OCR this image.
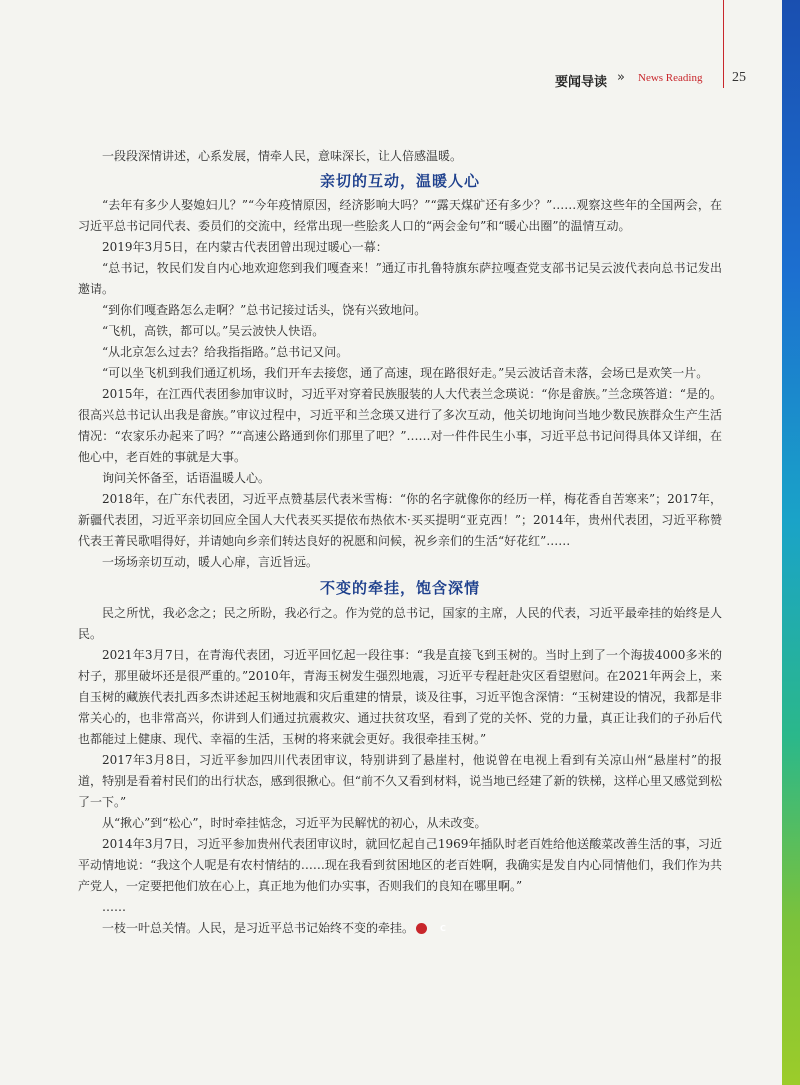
要闻导读 » News Reading 25

一段段深情讲述，心系发展，情牵人民，意味深长，让人倍感温暖。

亲切的互动，温暖人心

“去年有多少人娶媳妇儿？”“今年疫情原因，经济影响大吗？”“露天煤矿还有多少？”……观察这些年的全国两会，在习近平总书记同代表、委员们的交流中，经常出现一些脍炙人口的“两会金句”和“暖心出圈”的温情互动。

2019年3月5日，在内蒙古代表团曾出现过暖心一幕：

“总书记，牧民们发自内心地欢迎您到我们嘎查来！”通辽市扎鲁特旗东萨拉嘎查党支部书记吴云波代表向总书记发出邀请。

“到你们嘎查路怎么走啊？”总书记接过话头，饶有兴致地问。

“飞机，高铁，都可以。”吴云波快人快语。

“从北京怎么过去？给我指指路。”总书记又问。

“可以坐飞机到我们通辽机场，我们开车去接您，通了高速，现在路很好走。”吴云波话音未落，会场已是欢笑一片。

2015年，在江西代表团参加审议时，习近平对穿着民族服装的人大代表兰念瑛说：“你是畲族。”兰念瑛答道：“是的。很高兴总书记认出我是畲族。”审议过程中，习近平和兰念瑛又进行了多次互动，他关切地询问当地少数民族群众生产生活情况：“农家乐办起来了吗？”“高速公路通到你们那里了吧？”……对一件件民生小事，习近平总书记问得具体又详细，在他心中，老百姓的事就是大事。

询问关怀备至，话语温暖人心。

2018年，在广东代表团，习近平点赞基层代表米雪梅：“你的名字就像你的经历一样，梅花香自苦寒来”；2017年，新疆代表团，习近平亲切回应全国人大代表买买提依布热依木·买买提明“亚克西！”；2014年，贵州代表团，习近平称赞代表王菁民歌唱得好，并请她向乡亲们转达良好的祝愿和问候，祝乡亲们的生活“好花红”……

一场场亲切互动，暖人心扉，言近旨远。

不变的牵挂，饱含深情

民之所忧，我必念之；民之所盼，我必行之。作为党的总书记，国家的主席，人民的代表，习近平最牵挂的始终是人民。

2021年3月7日，在青海代表团，习近平回忆起一段往事：“我是直接飞到玉树的。当时上到了一个海拔4000多米的村子，那里破坏还是很严重的。”2010年，青海玉树发生强烈地震，习近平专程赶赴灾区看望慰问。在2021年两会上，来自玉树的藏族代表扎西多杰讲述起玉树地震和灾后重建的情景，谈及往事，习近平饱含深情：“玉树建设的情况，我都是非常关心的，也非常高兴，你讲到人们通过抗震救灾、通过扶贫攻坚，看到了党的关怀、党的力量，真正让我们的子孙后代也都能过上健康、现代、幸福的生活，玉树的将来就会更好。我很牵挂玉树。”

2017年3月8日，习近平参加四川代表团审议，特别讲到了悬崖村，他说曾在电视上看到有关凉山州“悬崖村”的报道，特别是看着村民们的出行状态，感到很揪心。但“前不久又看到材料，说当地已经建了新的铁梯，这样心里又感觉到松了一下。”

从“揪心”到“松心”，时时牵挂惦念，习近平为民解忧的初心，从未改变。

2014年3月7日，习近平参加贵州代表团审议时，就回忆起自己1969年插队时老百姓给他送酸菜改善生活的事，习近平动情地说：“我这个人呢是有农村情结的……现在我看到贫困地区的老百姓啊，我确实是发自内心同情他们，我们作为共产党人，一定要把他们放在心上，真正地为他们办实事，否则我们的良知在哪里啊。”

……

一枝一叶总关情。人民，是习近平总书记始终不变的牵挂。	C
